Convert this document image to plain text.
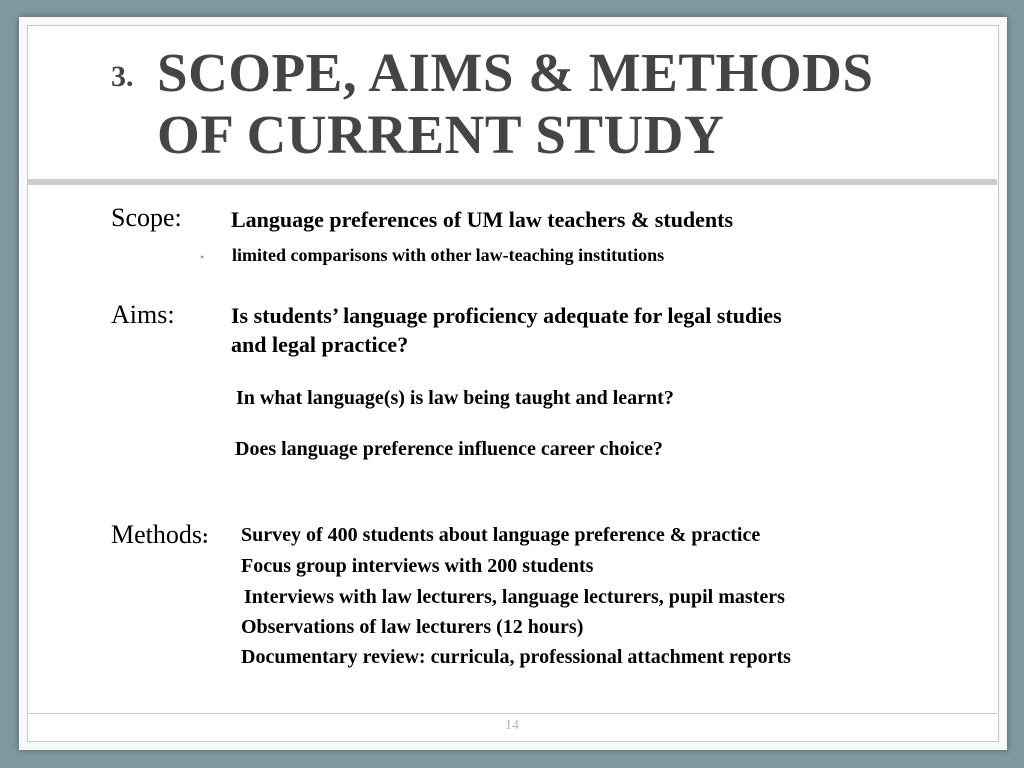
3. SCOPE, AIMS & METHODS
OF CURRENT STUDY
Scope: Language preferences of UM law teachers & students
• limited comparisons with other law-teaching institutions
Aims:	Is students’ language proficiency adequate for legal studies
and legal practice?
In what language(s) is law being taught and learnt?
Does language preference influence career choice?
Methods: Survey of 400 students about language preference & practice
Focus group interviews with 200 students
Interviews with law lecturers, language lecturers, pupil masters
Observations of law lecturers (12 hours)
Documentary review: curricula, professional attachment reports
14
